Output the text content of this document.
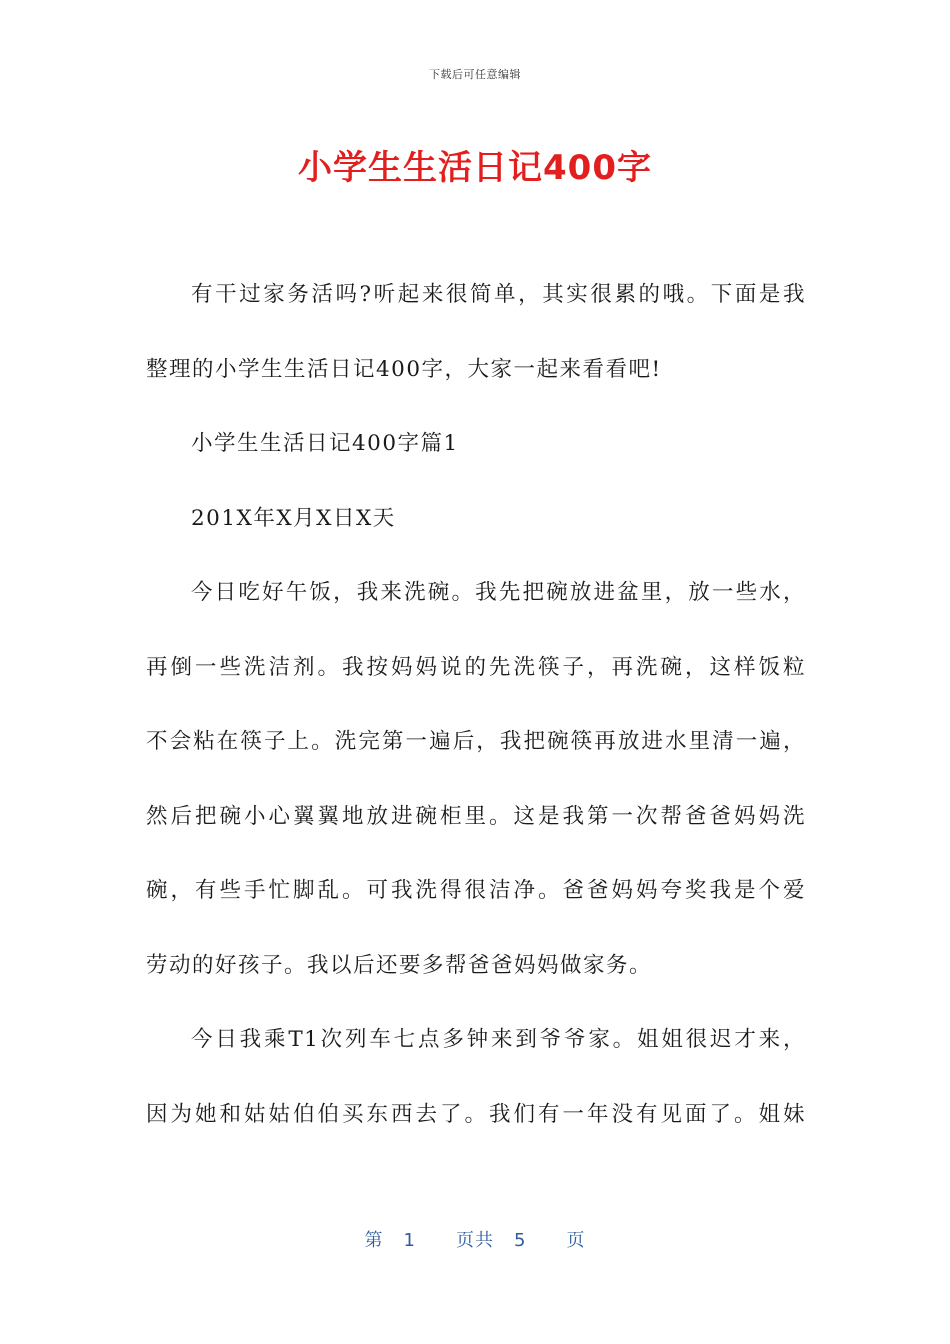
下载后可任意编辑
小学生生活日记400字
有干过家务活吗?听起来很简单，其实很累的哦。下面是我
整理的小学生生活日记400字，大家一起来看看吧!
小学生生活日记400字篇1
201X年X月X日X天
今日吃好午饭，我来洗碗。我先把碗放进盆里，放一些水，
再倒一些洗洁剂。我按妈妈说的先洗筷子，再洗碗，这样饭粒
不会粘在筷子上。洗完第一遍后，我把碗筷再放进水里清一遍，
然后把碗小心翼翼地放进碗柜里。这是我第一次帮爸爸妈妈洗
碗，有些手忙脚乱。可我洗得很洁净。爸爸妈妈夸奖我是个爱
劳动的好孩子。我以后还要多帮爸爸妈妈做家务。
今日我乘T1次列车七点多钟来到爷爷家。姐姐很迟才来，
因为她和姑姑伯伯买东西去了。我们有一年没有见面了。姐妹
第 1 页共 5 页
